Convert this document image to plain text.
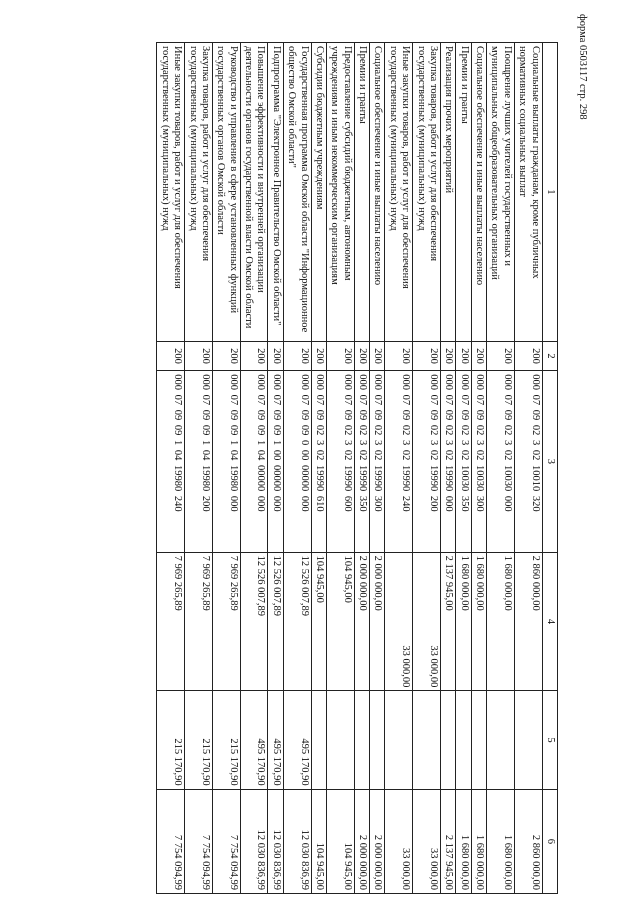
форма 0503117 стр. 298
1	2	3	4	5	6
Социальные выплаты гражданам, кроме публичных нормативных социальных выплат	200	000 07 09 02 3 02 10010 320	2 860 000,00		2 860 000,00
Поощрение лучших учителей государственных и муниципальных общеобразовательных организаций	200	000 07 09 02 3 02 10030 000	1 680 000,00		1 680 000,00
Социальное обеспечение и иные выплаты населению	200	000 07 09 02 3 02 10030 300	1 680 000,00		1 680 000,00
Премии и гранты	200	000 07 09 02 3 02 10030 350	1 680 000,00		1 680 000,00
Реализация прочих мероприятий	200	000 07 09 02 3 02 19990 000	2 137 945,00		2 137 945,00
Закупка товаров, работ и услуг для обеспечения государственных (муниципальных) нужд	200	000 07 09 02 3 02 19990 200	33 000,00		33 000,00
Иные закупки товаров, работ и услуг для обеспечения государственных (муниципальных) нужд	200	000 07 09 02 3 02 19990 240	33 000,00		33 000,00
Социальное обеспечение и иные выплаты населению	200	000 07 09 02 3 02 19990 300	2 000 000,00		2 000 000,00
Премии и гранты	200	000 07 09 02 3 02 19990 350	2 000 000,00		2 000 000,00
Предоставление субсидий бюджетным, автономным учреждениям и иным некоммерческим организациям	200	000 07 09 02 3 02 19990 600	104 945,00		104 945,00
Субсидии бюджетным учреждениям	200	000 07 09 02 3 02 19990 610	104 945,00		104 945,00
Государственная программа Омской области "Информационное общество Омской области"	200	000 07 09 09 0 00 00000 000	12 526 007,89	495 170,90	12 030 836,99
Подпрограмма "Электронное Правительство Омской области"	200	000 07 09 09 1 00 00000 000	12 526 007,89	495 170,90	12 030 836,99
Повышение эффективности и внутренней организации деятельности органов государственной власти Омской области	200	000 07 09 09 1 04 00000 000	12 526 007,89	495 170,90	12 030 836,99
Руководство и управление в сфере установленных функций государственных органов Омской области	200	000 07 09 09 1 04 19980 000	7 969 265,89	215 170,90	7 754 094,99
Закупка товаров, работ и услуг для обеспечения государственных (муниципальных) нужд	200	000 07 09 09 1 04 19980 200	7 969 265,89	215 170,90	7 754 094,99
Иные закупки товаров, работ и услуг для обеспечения государственных (муниципальных) нужд	200	000 07 09 09 1 04 19980 240	7 969 265,89	215 170,90	7 754 094,99
